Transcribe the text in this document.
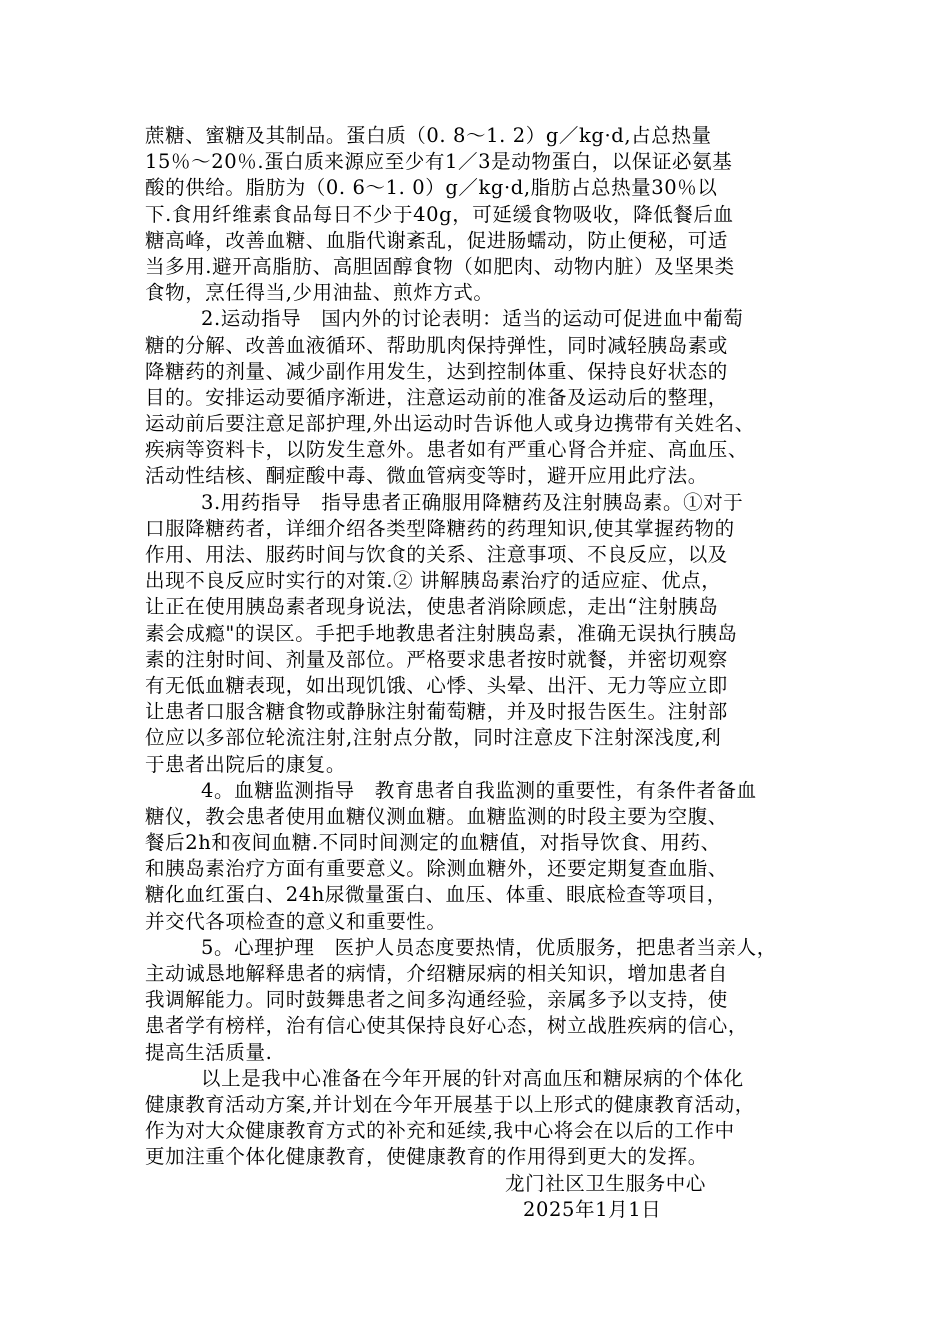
蔗糖、蜜糖及其制品。蛋白质（0. 8～1. 2）g／kg·d,占总热量
15％～20％.蛋白质来源应至少有1／3是动物蛋白，以保证必氨基
酸的供给。脂肪为（0. 6～1. 0）g／kg·d,脂肪占总热量30％以
下.食用纤维素食品每日不少于40g，可延缓食物吸收，降低餐后血
糖高峰，改善血糖、血脂代谢紊乱，促进肠蠕动，防止便秘，可适
当多用.避开高脂肪、高胆固醇食物（如肥肉、动物内脏）及坚果类
食物，烹任得当,少用油盐、煎炸方式。
2.运动指导　国内外的讨论表明：适当的运动可促进血中葡萄
糖的分解、改善血液循环、帮助肌肉保持弹性，同时减轻胰岛素或
降糖药的剂量、减少副作用发生，达到控制体重、保持良好状态的
目的。安排运动要循序渐进，注意运动前的准备及运动后的整理，
运动前后要注意足部护理,外出运动时告诉他人或身边携带有关姓名、
疾病等资料卡，以防发生意外。患者如有严重心肾合并症、高血压、
活动性结核、酮症酸中毒、微血管病变等时，避开应用此疗法。
3.用药指导　指导患者正确服用降糖药及注射胰岛素。①对于
口服降糖药者，详细介绍各类型降糖药的药理知识,使其掌握药物的
作用、用法、服药时间与饮食的关系、注意事项、不良反应，以及
出现不良反应时实行的对策.② 讲解胰岛素治疗的适应症、优点，
让正在使用胰岛素者现身说法，使患者消除顾虑，走出“注射胰岛
素会成瘾"的误区。手把手地教患者注射胰岛素，准确无误执行胰岛
素的注射时间、剂量及部位。严格要求患者按时就餐，并密切观察
有无低血糖表现，如出现饥饿、心悸、头晕、出汗、无力等应立即
让患者口服含糖食物或静脉注射葡萄糖，并及时报告医生。注射部
位应以多部位轮流注射,注射点分散，同时注意皮下注射深浅度,利
于患者出院后的康复。
4。血糖监测指导　教育患者自我监测的重要性，有条件者备血
糖仪，教会患者使用血糖仪测血糖。血糖监测的时段主要为空腹、
餐后2h和夜间血糖.不同时间测定的血糖值，对指导饮食、用药、
和胰岛素治疗方面有重要意义。除测血糖外，还要定期复查血脂、
糖化血红蛋白、24h尿微量蛋白、血压、体重、眼底检查等项目，
并交代各项检查的意义和重要性。
5。心理护理　医护人员态度要热情，优质服务，把患者当亲人，
主动诚恳地解释患者的病情，介绍糖尿病的相关知识，增加患者自
我调解能力。同时鼓舞患者之间多沟通经验，亲属多予以支持，使
患者学有榜样，治有信心使其保持良好心态，树立战胜疾病的信心，
提高生活质量.
以上是我中心准备在今年开展的针对高血压和糖尿病的个体化
健康教育活动方案,并计划在今年开展基于以上形式的健康教育活动，
作为对大众健康教育方式的补充和延续,我中心将会在以后的工作中
更加注重个体化健康教育，使健康教育的作用得到更大的发挥。
龙门社区卫生服务中心
2025年1月1日
